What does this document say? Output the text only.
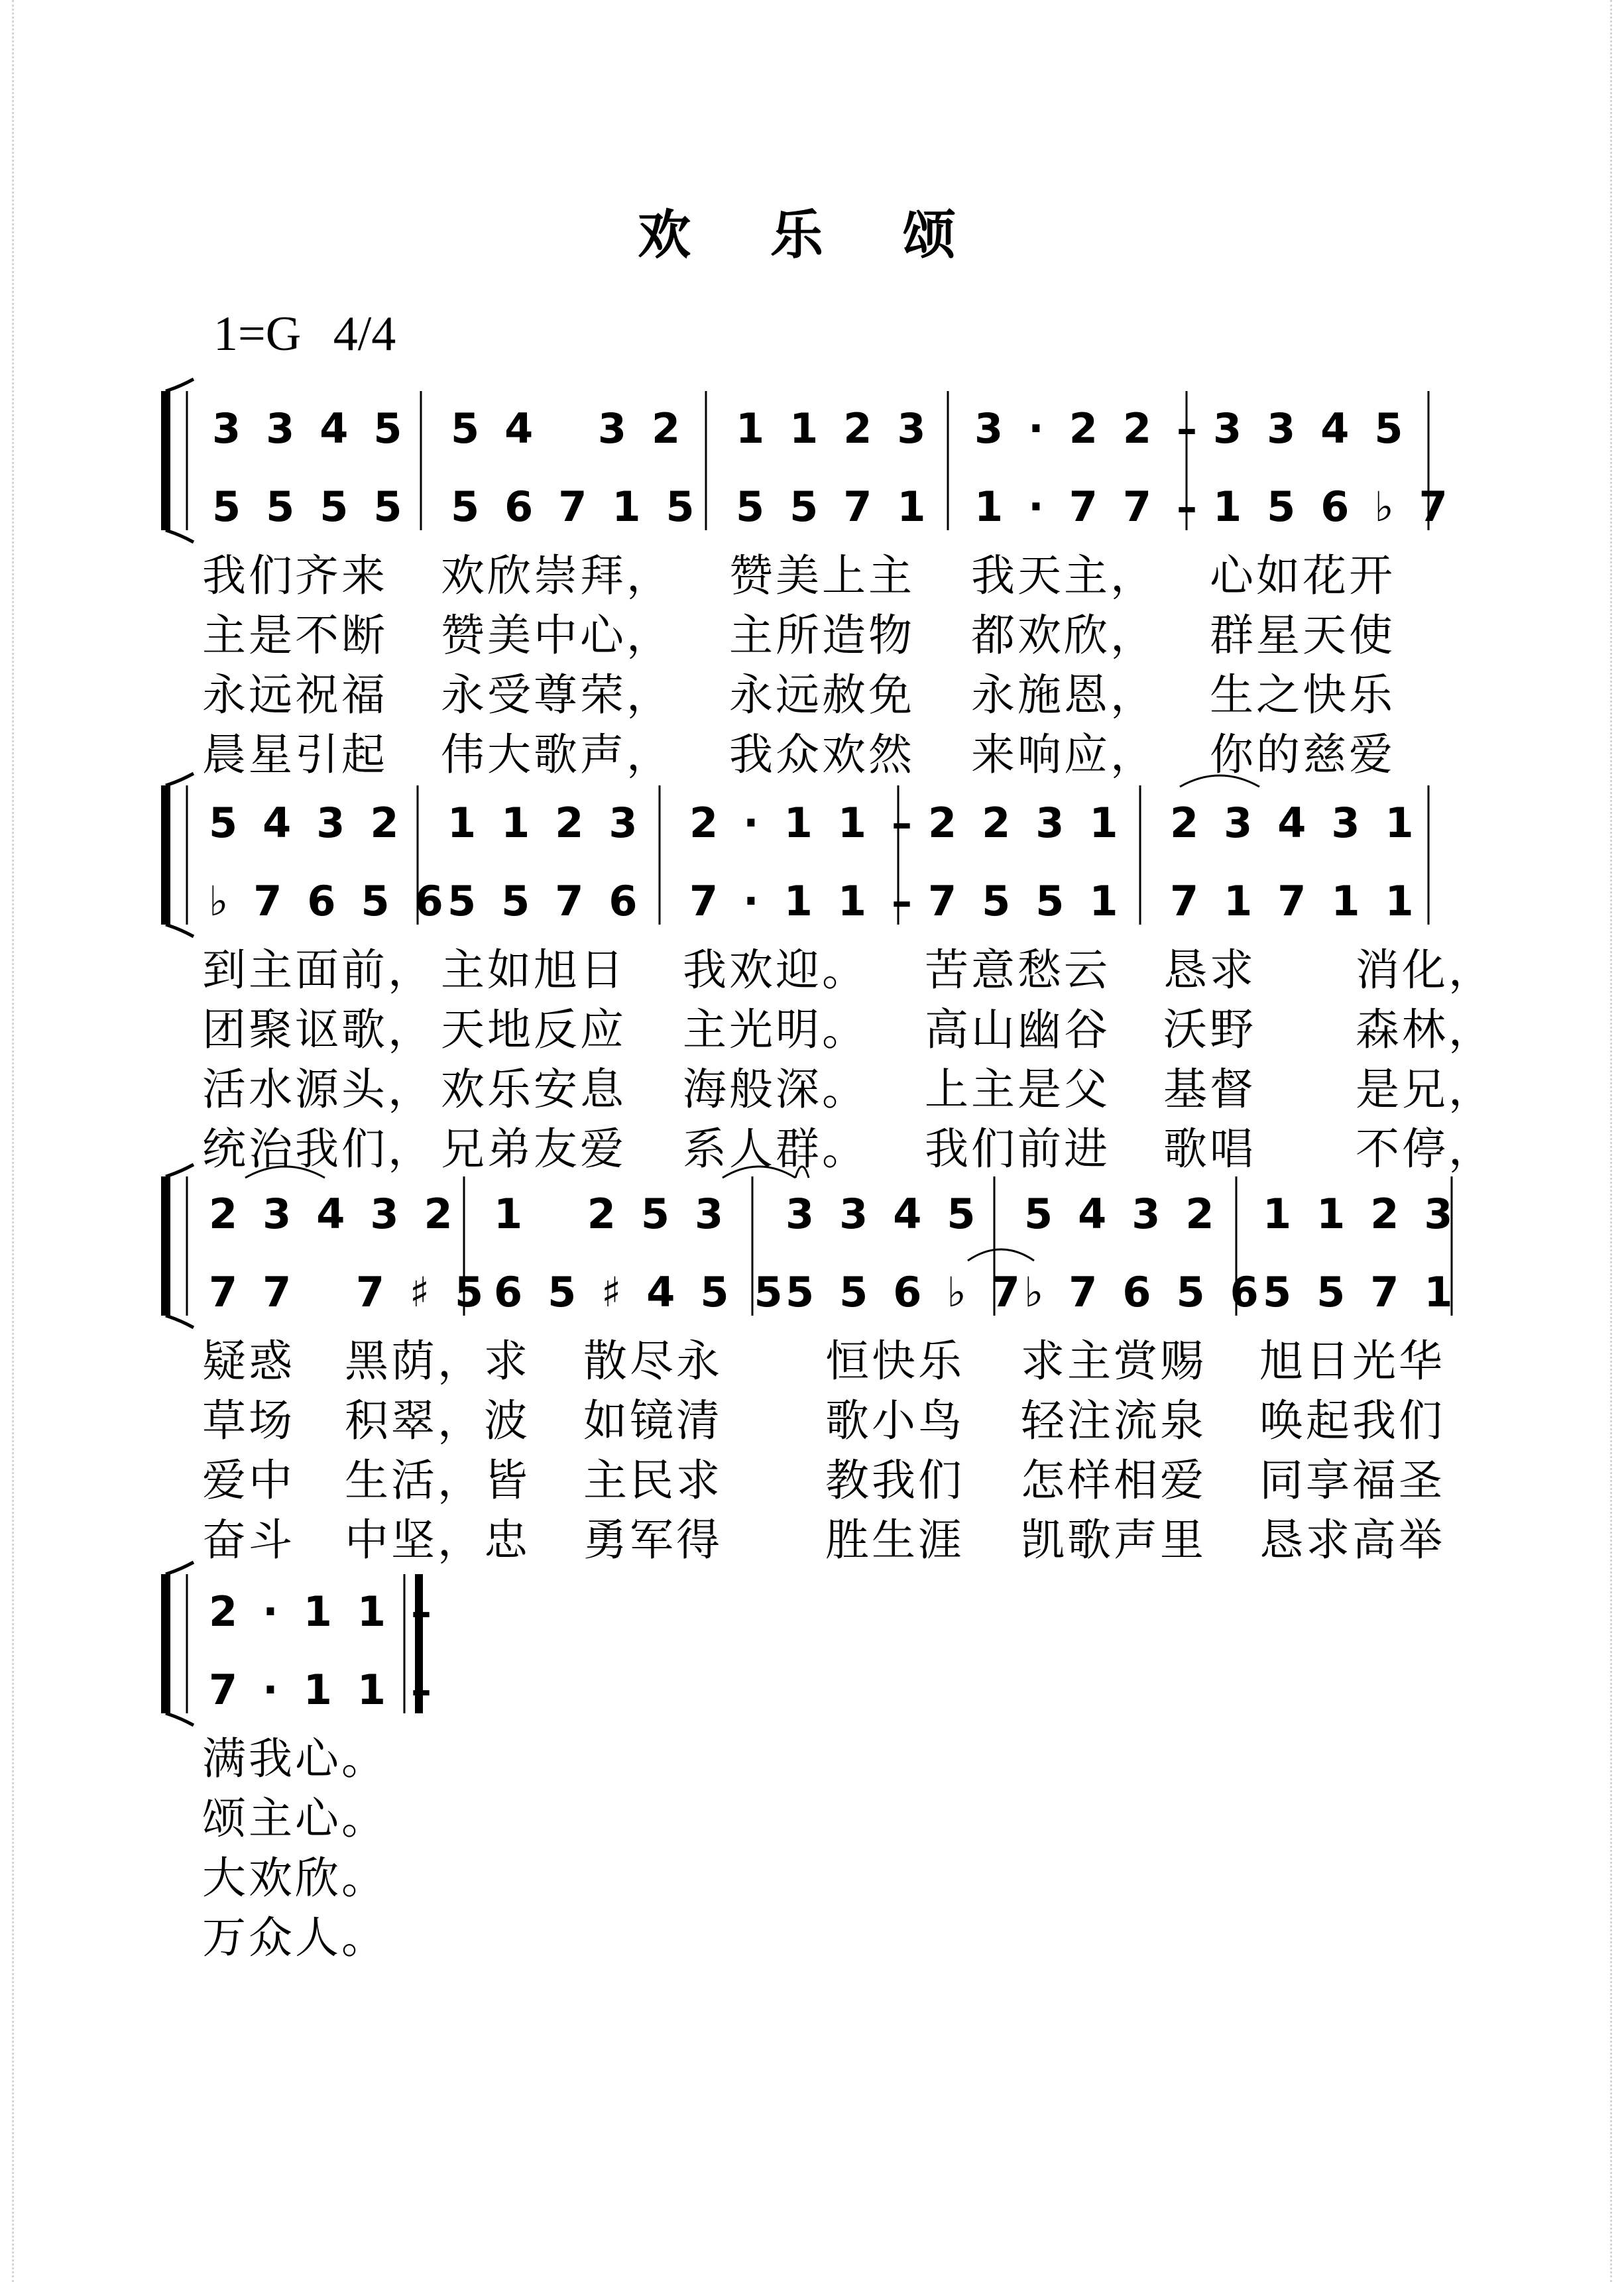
欢 乐 颂
1=G 4/4
3345
5555
54 32
56715
1123
5571
3·22–
1·77–
3345
156♭7
我们齐来 欢欣崇拜， 赞美上主 我天主， 心如花开
主是不断 赞美中心， 主所造物 都欢欣， 群星天使
永远祝福 永受尊荣， 永远赦免 永施恩， 生之快乐
晨星引起 伟大歌声， 我众欢然 来响应， 你的慈爱
5432
♭7656
1123
5576
2·11–
7·11–
2231
7551
23431
71711
到主面前， 主如旭日 我欢迎。 苦意愁云 恳求 消化，
团聚讴歌， 天地反应 主光明。 高山幽谷 沃野 森林，
活水源头， 欢乐安息 海般深。 上主是父 基督 是兄，
统治我们， 兄弟友爱 系人群。 我们前进 歌唱 不停，
23432
77 7♯5
1 253
65♯455
3345
556♭7
5432
♭7656
1123
5571
疑惑 黑荫， 求 散尽永 恒快乐 求主赏赐 旭日光华
草场 积翠， 波 如镜清 歌小鸟 轻注流泉 唤起我们
爱中 生活， 皆 主民求 教我们 怎样相爱 同享福圣
奋斗 中坚， 忠 勇军得 胜生涯 凯歌声里 恳求高举
2·11–
7·11–
满我心。
颂主心。
大欢欣。
万众人。
